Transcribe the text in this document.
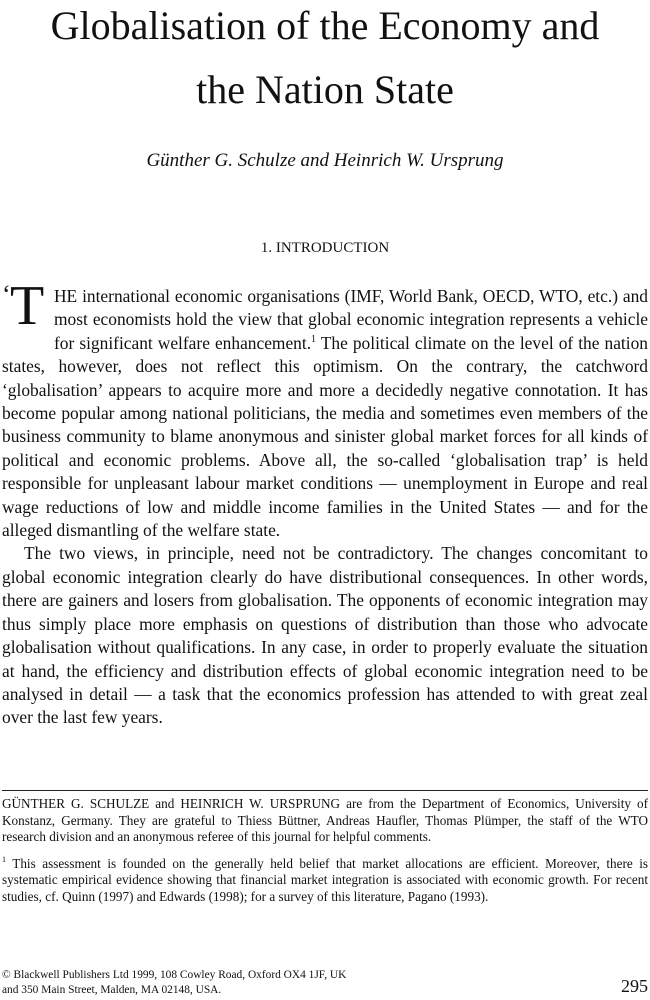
Globalisation of the Economy and
the Nation State

Günther G. Schulze and Heinrich W. Ursprung

1. INTRODUCTION

‘ T HE international economic organisations (IMF, World Bank, OECD, WTO, etc.) and most economists hold the view that global economic integration represents a vehicle for significant welfare enhancement.$^1$ The political climate on the level of the nation states, however, does not reflect this optimism. On the contrary, the catchword ‘globalisation’ appears to acquire more and more a decidedly negative connotation. It has become popular among national politicians, the media and sometimes even members of the business community to blame anonymous and sinister global market forces for all kinds of political and economic problems. Above all, the so-called ‘globalisation trap’ is held responsible for unpleasant labour market conditions — unemployment in Europe and real wage reductions of low and middle income families in the United States — and for the alleged dismantling of the welfare state.

The two views, in principle, need not be contradictory. The changes concomitant to global economic integration clearly do have distributional consequences. In other words, there are gainers and losers from globalisation. The opponents of economic integration may thus simply place more emphasis on questions of distribution than those who advocate globalisation without qualifications. In any case, in order to properly evaluate the situation at hand, the efficiency and distribution effects of global economic integration need to be analysed in detail — a task that the economics profession has attended to with great zeal over the last few years.

GÜNTHER G. SCHULZE and HEINRICH W. URSPRUNG are from the Department of Economics, University of Konstanz, Germany. They are grateful to Thiess Büttner, Andreas Haufler, Thomas Plümper, the staff of the WTO research division and an anonymous referee of this journal for helpful comments.

$^1$ This assessment is founded on the generally held belief that market allocations are efficient. Moreover, there is systematic empirical evidence showing that financial market integration is associated with economic growth. For recent studies, cf. Quinn (1997) and Edwards (1998); for a survey of this literature, Pagano (1993).

© Blackwell Publishers Ltd 1999, 108 Cowley Road, Oxford OX4 1JF, UK

and 350 Main Street, Malden, MA 02148, USA.	295
